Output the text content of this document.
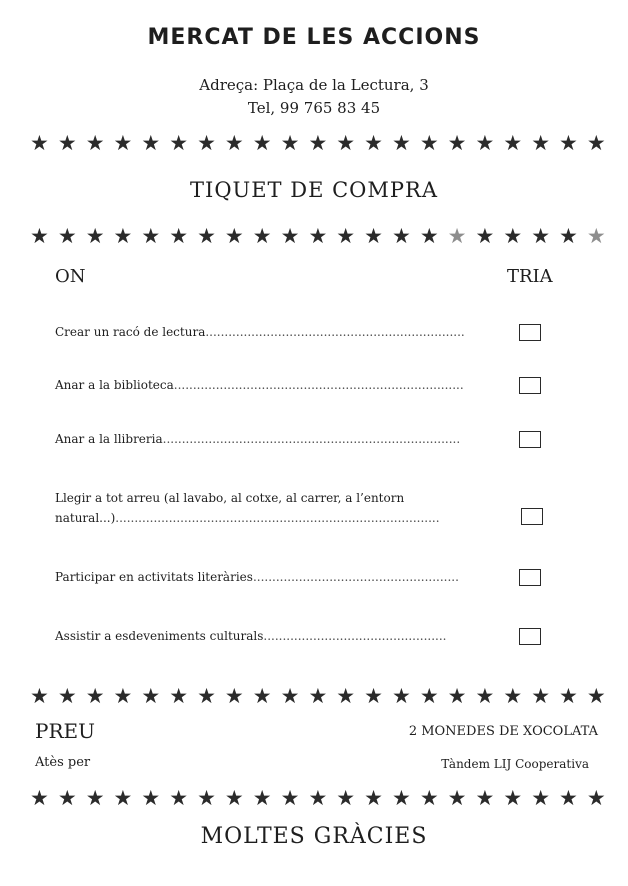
MERCAT DE LES ACCIONS
Adreça: Plaça de la Lectura, 3
Tel, 99 765 83 45
★ ★ ★ ★ ★ ★ ★ ★ ★ ★ ★ ★ ★ ★ ★ ★ ★ ★ ★ ★ ★
TIQUET DE COMPRA
★ ★ ★ ★ ★ ★ ★ ★ ★ ★ ★ ★ ★ ★ ★ ★ ★ ★ ★ ★ ★
ON	TRIA
Crear un racó de lectura....................................................................
Anar a la biblioteca............................................................................
Anar a la llibreria..............................................................................
Llegir a tot arreu (al lavabo, al cotxe, al carrer, a l’entorn
natural...).....................................................................................
Participar en activitats literàries......................................................
Assistir a esdeveniments culturals................................................
★ ★ ★ ★ ★ ★ ★ ★ ★ ★ ★ ★ ★ ★ ★ ★ ★ ★ ★ ★ ★
PREU	2 MONEDES DE XOCOLATA
Atès per	Tàndem LIJ Cooperativa
★ ★ ★ ★ ★ ★ ★ ★ ★ ★ ★ ★ ★ ★ ★ ★ ★ ★ ★ ★ ★
MOLTES GRÀCIES
